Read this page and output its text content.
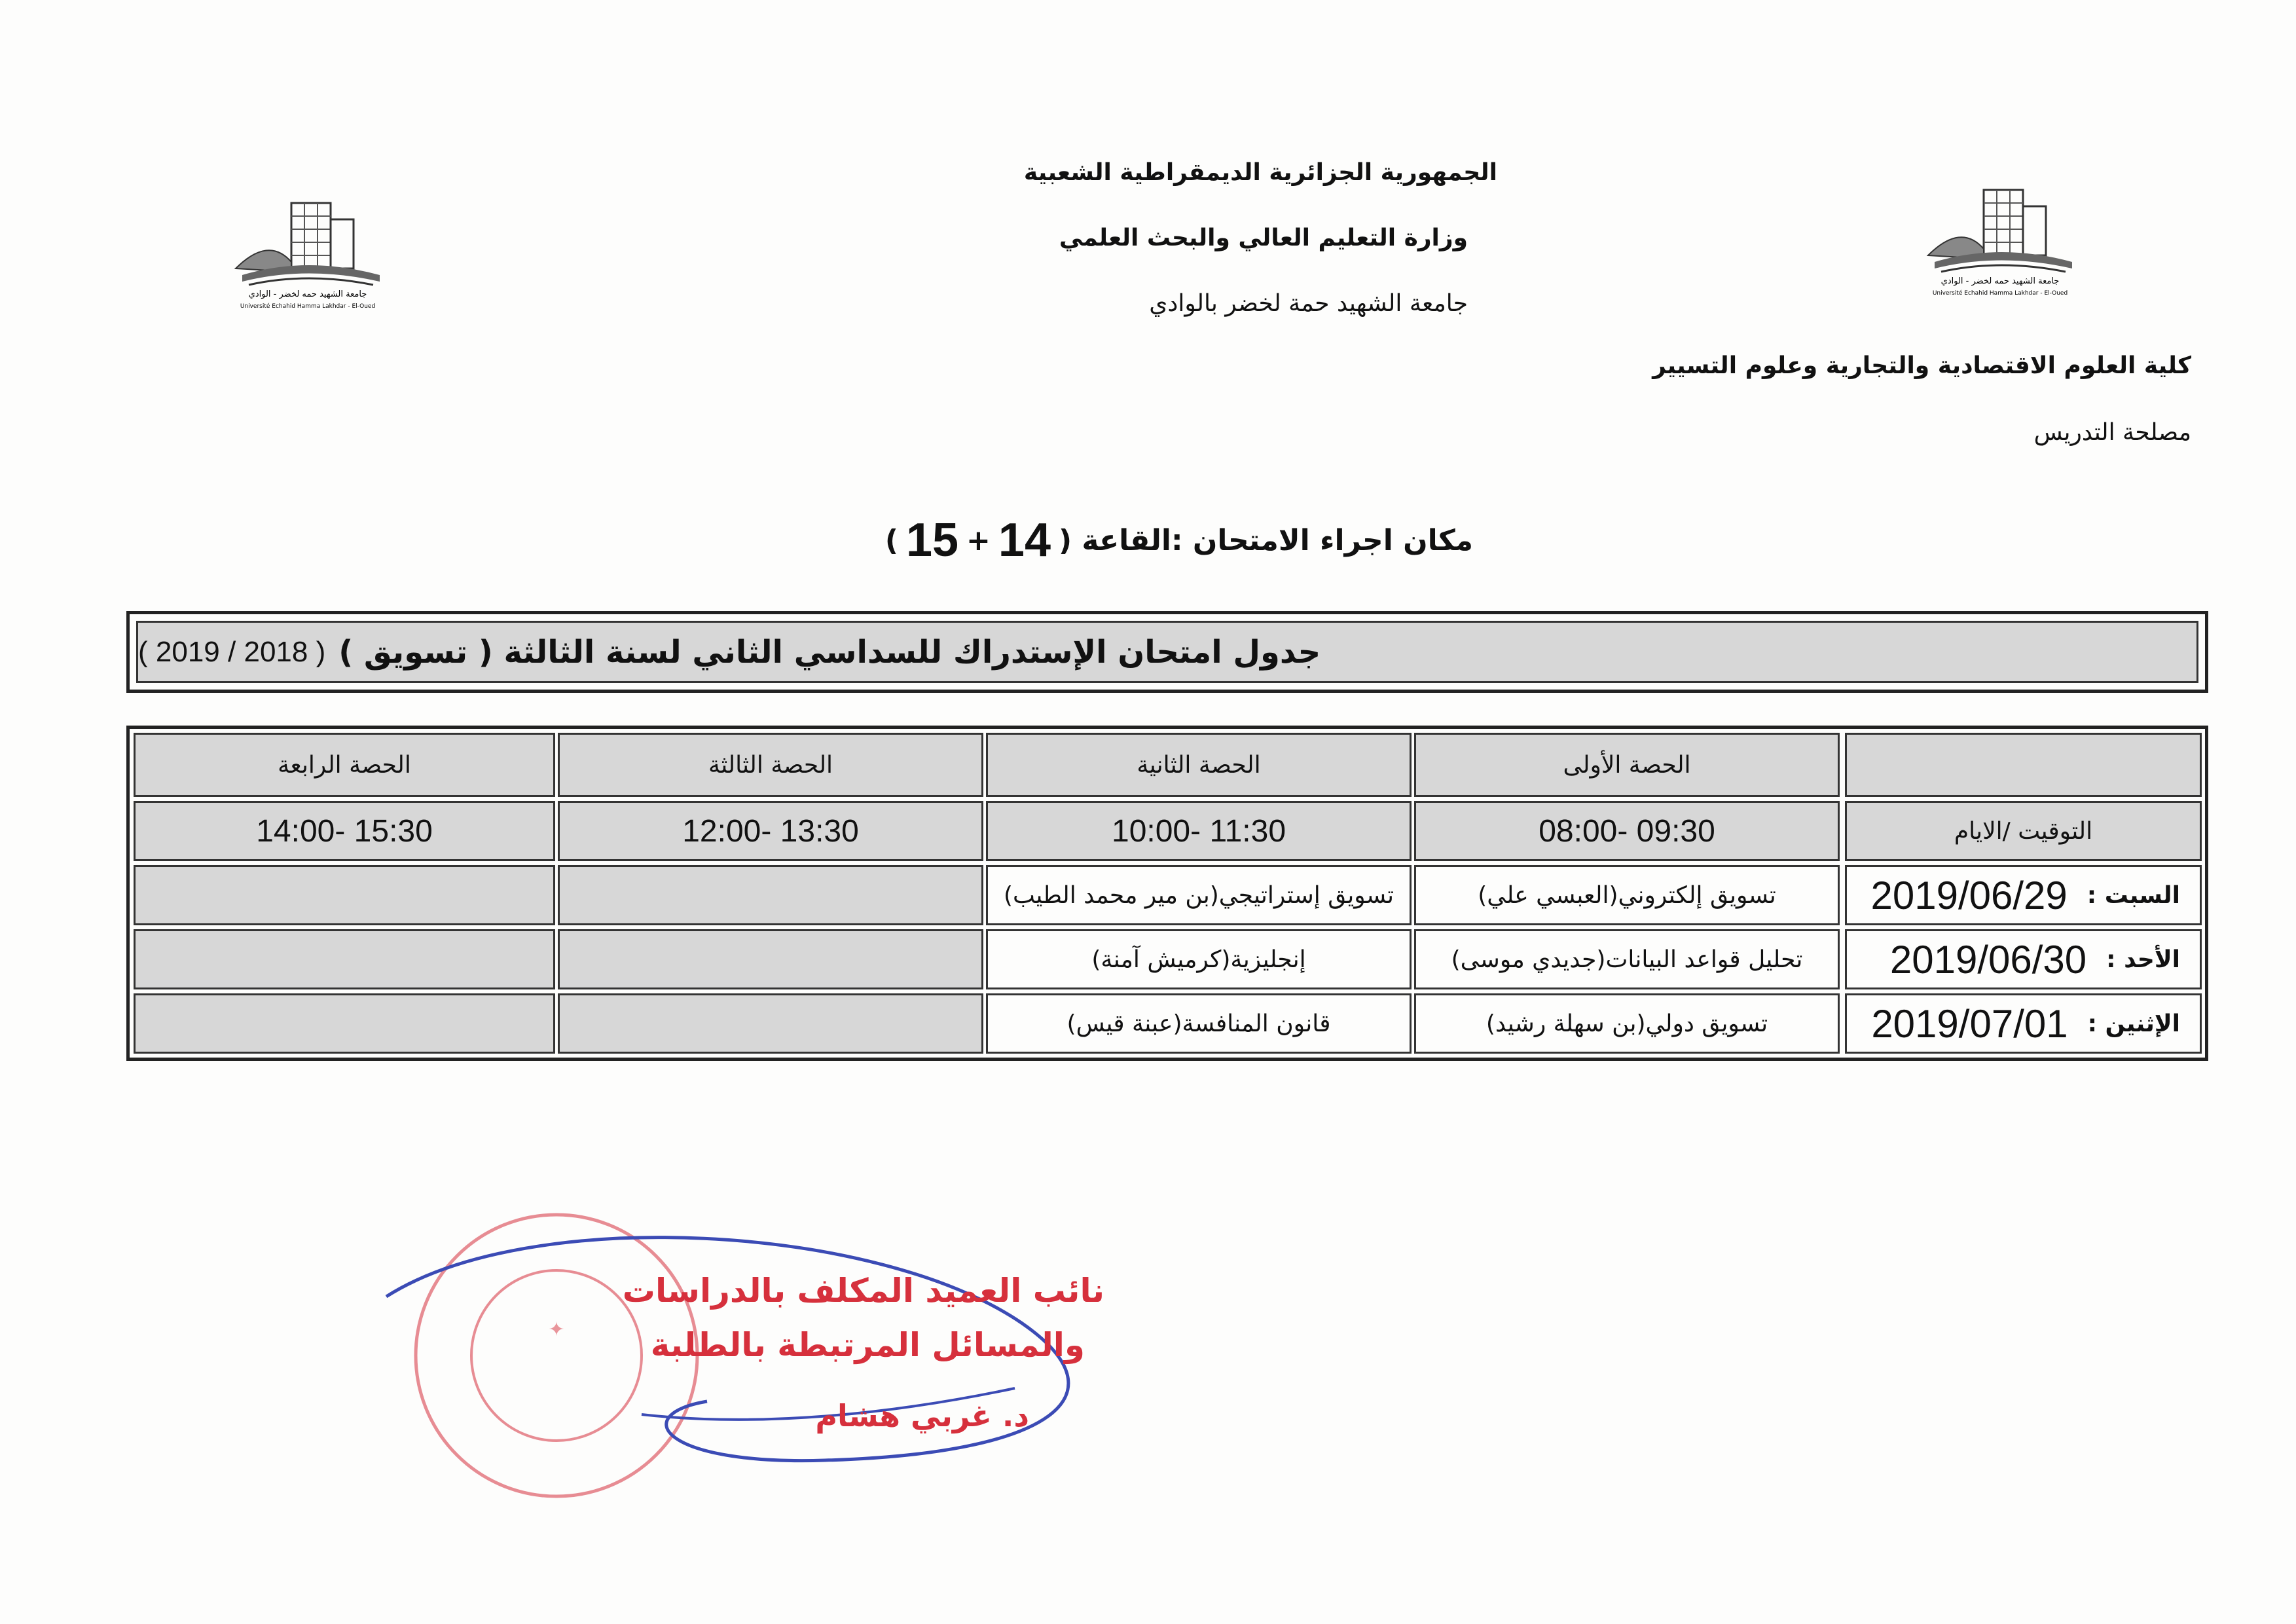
جامعة الشهيد حمه لخضر - الوادي
Université Echahid Hamma Lakhdar - El-Oued
جامعة الشهيد حمه لخضر - الوادي
Université Echahid Hamma Lakhdar - El-Oued
الجمهورية الجزائرية الديمقراطية الشعبية
وزارة التعليم العالي والبحث العلمي
جامعة الشهيد حمة لخضر بالوادي
كلية العلوم الاقتصادية والتجارية وعلوم التسيير
مصلحة التدريس
مكان اجراء الامتحان :القاعة (
14
+
15
)
جدول امتحان الإستدراك للسداسي الثاني لسنة الثالثة ( تسويق )
( 2018 / 2019 )
الحصة الأولى
الحصة الثانية
الحصة الثالثة
الحصة الرابعة
التوقيت /الايام
09:30 -08:00
11:30 -10:00
13:30 -12:00
15:30 -14:00
السبت :
2019/06/29
تسويق إلكتروني(العبسي علي)
تسويق إستراتيجي(بن مير محمد الطيب)
الأحد :
2019/06/30
تحليل قواعد البيانات(جديدي موسى)
إنجليزية(كرميش آمنة)
الإثنين :
2019/07/01
تسويق دولي(بن سهلة رشيد)
قانون المنافسة(عبنة قيس)
✦
نائب العميد المكلف بالدراسات
والمسائل المرتبطة بالطلبة
د. غربي هشام
